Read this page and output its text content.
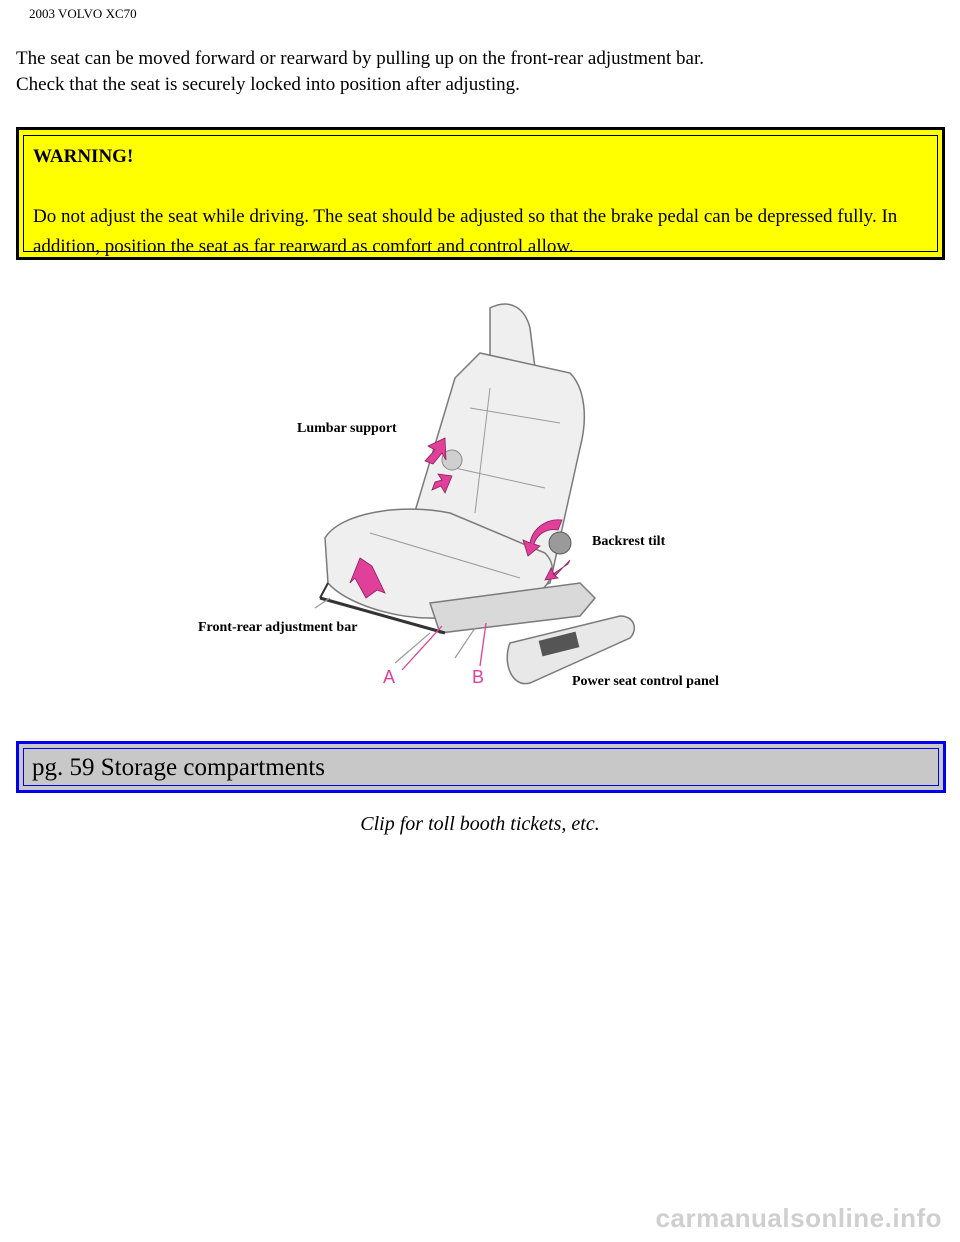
2003 VOLVO XC70
The seat can be moved forward or rearward by pulling up on the front-rear adjustment bar.
Check that the seat is securely locked into position after adjusting.
WARNING!
Do not adjust the seat while driving. The seat should be adjusted so that the brake pedal can be depressed fully. In addition, position the seat as far rearward as comfort and control allow.
Lumbar support
Backrest tilt
Front-rear adjustment bar
Power seat control panel
A	B
pg. 59 Storage compartments
Clip for toll booth tickets, etc.
carmanualsonline.info
